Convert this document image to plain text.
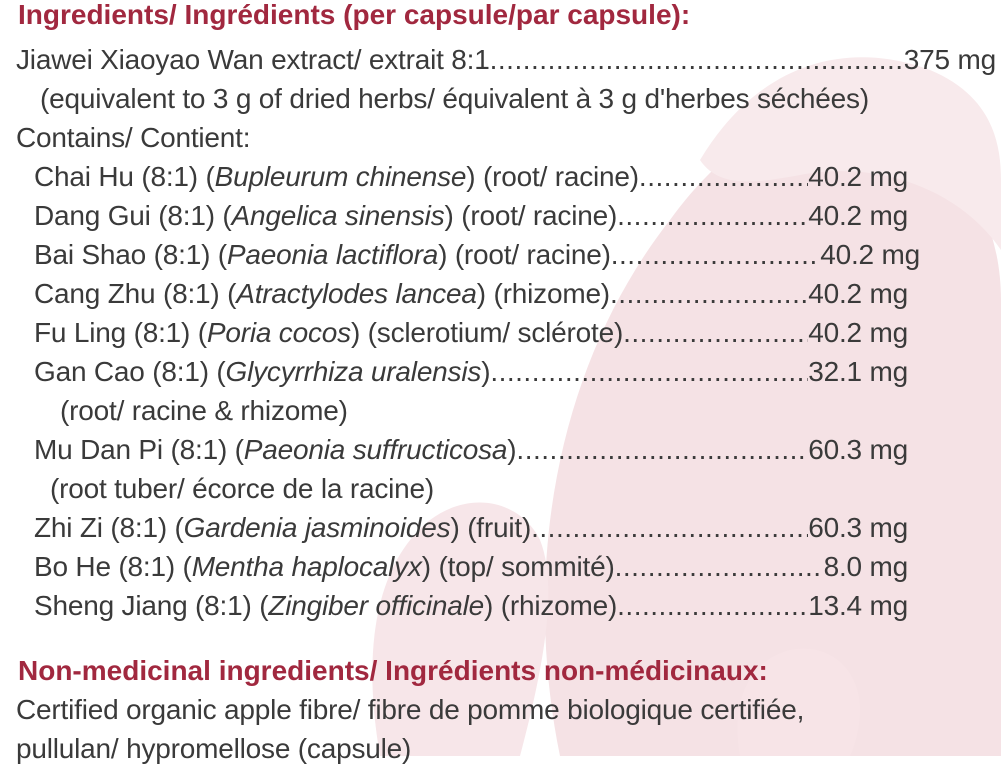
Ingredients/ Ingrédients (per capsule/par capsule):
Jiawei Xiaoyao Wan extract/ extrait 8:1 .....	375 mg
(equivalent to 3 g of dried herbs/ équivalent à 3 g d'herbes séchées)
Contains/ Contient:
Chai Hu (8:1) (Bupleurum chinense) (root/ racine) .....	40.2 mg
Dang Gui (8:1) (Angelica sinensis) (root/ racine) .....	40.2 mg
Bai Shao (8:1) (Paeonia lactiflora) (root/ racine) .....	40.2 mg
Cang Zhu (8:1) (Atractylodes lancea) (rhizome) .....	40.2 mg
Fu Ling (8:1) (Poria cocos) (sclerotium/ sclérote) .....	40.2 mg
Gan Cao (8:1) (Glycyrrhiza uralensis) .....	32.1 mg
(root/ racine & rhizome)
Mu Dan Pi (8:1) (Paeonia suffructicosa) .....	60.3 mg
(root tuber/ écorce de la racine)
Zhi Zi (8:1) (Gardenia jasminoides) (fruit) .....	60.3 mg
Bo He (8:1) (Mentha haplocalyx) (top/ sommité) .....	8.0 mg
Sheng Jiang (8:1) (Zingiber officinale) (rhizome) .....	13.4 mg
Non-medicinal ingredients/ Ingrédients non-médicinaux:
Certified organic apple fibre/ fibre de pomme biologique certifiée,
pullulan/ hypromellose (capsule)
